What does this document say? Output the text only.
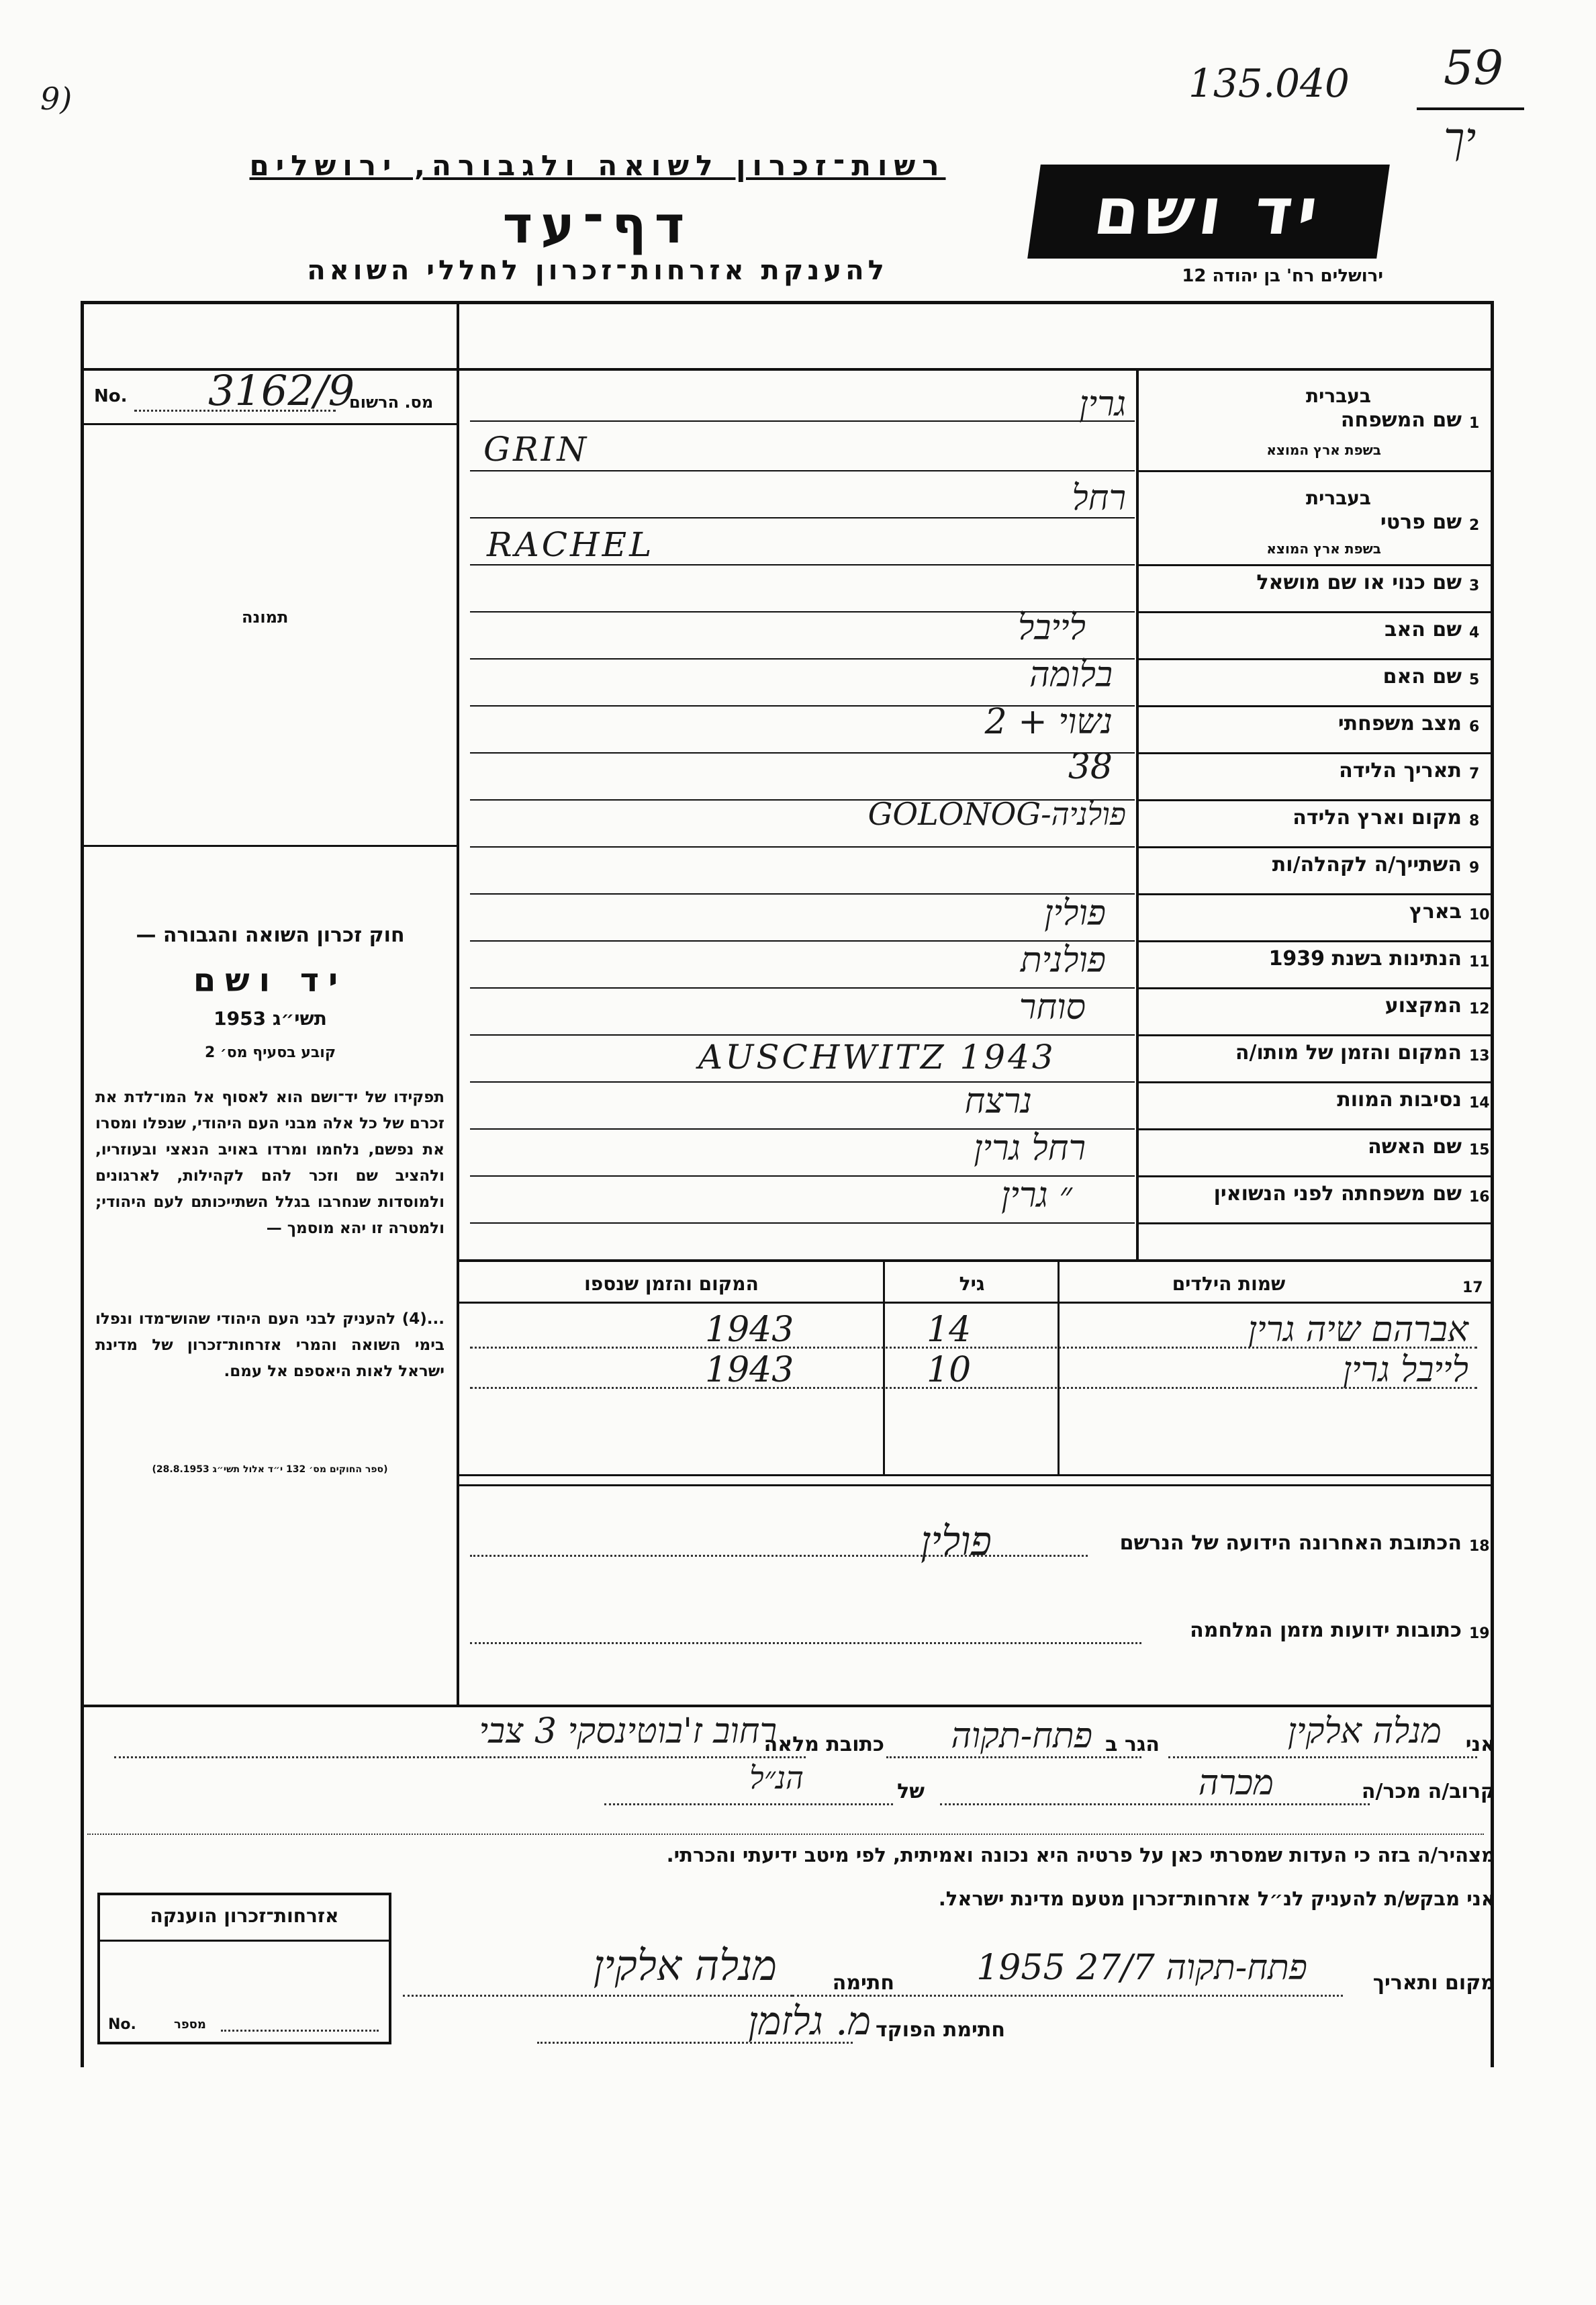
9)	135.040 59
יך
רשות־זכרון לשואה ולגבורה, ירושלים
דף־עד
להענקת אזרחות־זכרון לחללי השואה
יד ושם
ירושלים רח' בן יהודה 12
No. 3162/9
מס. הרשום
תמונה
בעברית
1
שם המשפחה
בשפת ארץ המוצא
גרין
GRIN
בעברית
2
שם פרטי
בשפת ארץ המוצא
רחל
RACHEL
3
שם כנוי או שם מושאל
4
שם האב
לייבל
5
שם האם
בלומה
6
מצב משפחתי
נשוי + 2
7
תאריך הלידה
38
8
מקום וארץ הלידה
פולניה-GOLONOG
9
השתייך/ה לקהלה/ות
10
בארץ
פולין
11
הנתינות בשנת 1939
פולנית
12
המקצוע
סוחר
13
המקום והזמן של מותו/ה
AUSCHWITZ 1943
14
נסיבות המוות
נרצח
15
שם האשה
רחל גרין
16
שם משפחתה לפני הנשואין
״ גרין
חוק זכרון השואה והגבורה —
יד ושם
תשי״ג 1953
קובע בסעיף מס׳ 2
תפקידו של יד־ושם הוא לאסוף אל המו־לדת את זכרם של כל אלה מבני העם היהודי, שנפלו ומסרו את נפשם, נלחמו ומרדו באויב הנאצי ובעוזריו, ולהציב שם וזכר להם לקהילות, לארגונים ולמוסדות שנחרבו בגלל השתייכותם לעם היהודי; ולמטרה זו יהא מוסמך —
...(4) להעניק לבני העם היהודי שהוש־מדו ונפלו בימי השואה והמרי אזרחות־זכרון של מדינת ישראל לאות היאספם אל עמם.
(ספר החוקים מס׳ 132 י״ד אלול תשי״ג 28.8.1953)
17
שמות הילדים
גיל
המקום והזמן שנספו
אברהם שיה גרין
14
1943
לייבל גרין
10
1943
18
הכתובת האחרונה הידועה של הנרשם
פולין
19
כתובות ידועות מזמן המלחמה
אני
מנלה אלקין
הגר ב
פתח-תקוה
כתובת מלאה
רחוב ז'בוטינסקי 3 צבי
קרוב/ה מכר/ה
מכרה
של
הנ״ל
מצהיר/ה בזה כי העדות שמסרתי כאן על פרטיה היא נכונה ואמיתית, לפי מיטב ידיעתי והכרתי.
אני מבקש/ת להעניק לנ״ל אזרחות־זכרון מטעם מדינת ישראל.
מקום ותאריך
פתח-תקוה 27/7 1955
חתימה
מנלה אלקין
חתימת הפוקד
מ. גלזמן
אזרחות־זכרון הוענקה
No.	מספר
